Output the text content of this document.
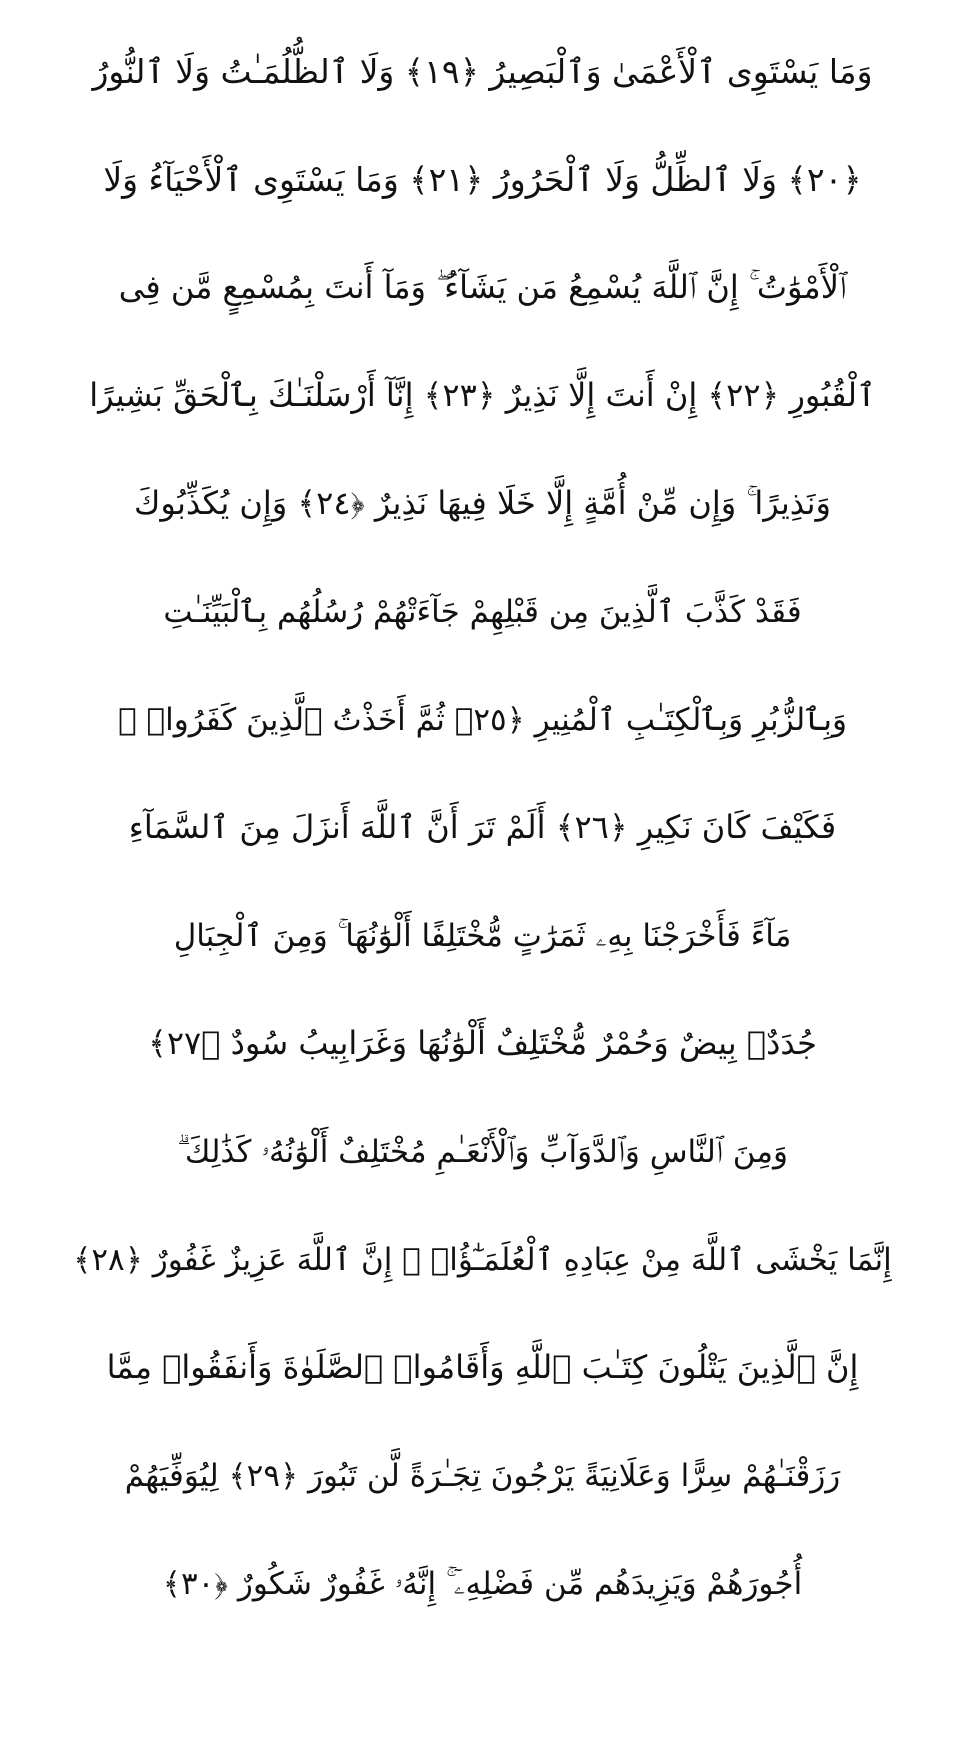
وَمَا يَسْتَوِى ٱلْأَعْمَىٰ وَٱلْبَصِيرُ ﴿١٩﴾ وَلَا ٱلظُّلُمَـٰتُ وَلَا ٱلنُّورُ
﴿٢٠﴾ وَلَا ٱلظِّلُّ وَلَا ٱلْحَرُورُ ﴿٢١﴾ وَمَا يَسْتَوِى ٱلْأَحْيَآءُ وَلَا
ٱلْأَمْوَٰتُ ۚ إِنَّ ٱللَّهَ يُسْمِعُ مَن يَشَآءُ ۖ وَمَآ أَنتَ بِمُسْمِعٍ مَّن فِى
ٱلْقُبُورِ ﴿٢٢﴾ إِنْ أَنتَ إِلَّا نَذِيرٌ ﴿٢٣﴾ إِنَّآ أَرْسَلْنَـٰكَ بِٱلْحَقِّ بَشِيرًا
وَنَذِيرًا ۚ وَإِن مِّنْ أُمَّةٍ إِلَّا خَلَا فِيهَا نَذِيرٌ ﴿٢٤﴾ وَإِن يُكَذِّبُوكَ
فَقَدْ كَذَّبَ ٱلَّذِينَ مِن قَبْلِهِمْ جَآءَتْهُمْ رُسُلُهُم بِٱلْبَيِّنَـٰتِ
وَبِٱلزُّبُرِ وَبِٱلْكِتَـٰبِ ٱلْمُنِيرِ ﴿٢٥﴾ ثُمَّ أَخَذْتُ ٱلَّذِينَ كَفَرُوا۟ ۖ
فَكَيْفَ كَانَ نَكِيرِ ﴿٢٦﴾ أَلَمْ تَرَ أَنَّ ٱللَّهَ أَنزَلَ مِنَ ٱلسَّمَآءِ
مَآءً فَأَخْرَجْنَا بِهِۦ ثَمَرَٰتٍ مُّخْتَلِفًا أَلْوَٰنُهَا ۚ وَمِنَ ٱلْجِبَالِ
جُدَدٌۢ بِيضٌ وَحُمْرٌ مُّخْتَلِفٌ أَلْوَٰنُهَا وَغَرَابِيبُ سُودٌ ﴿٢٧﴾
وَمِنَ ٱلنَّاسِ وَٱلدَّوَآبِّ وَٱلْأَنْعَـٰمِ مُخْتَلِفٌ أَلْوَٰنُهُۥ كَذَٰلِكَ ۗ
إِنَّمَا يَخْشَى ٱللَّهَ مِنْ عِبَادِهِ ٱلْعُلَمَـٰٓؤُا۟ ۗ إِنَّ ٱللَّهَ عَزِيزٌ غَفُورٌ ﴿٢٨﴾
إِنَّ ٱلَّذِينَ يَتْلُونَ كِتَـٰبَ ٱللَّهِ وَأَقَامُوا۟ ٱلصَّلَوٰةَ وَأَنفَقُوا۟ مِمَّا
رَزَقْنَـٰهُمْ سِرًّا وَعَلَانِيَةً يَرْجُونَ تِجَـٰرَةً لَّن تَبُورَ ﴿٢٩﴾ لِيُوَفِّيَهُمْ
أُجُورَهُمْ وَيَزِيدَهُم مِّن فَضْلِهِۦٓ ۚ إِنَّهُۥ غَفُورٌ شَكُورٌ ﴿٣٠﴾
